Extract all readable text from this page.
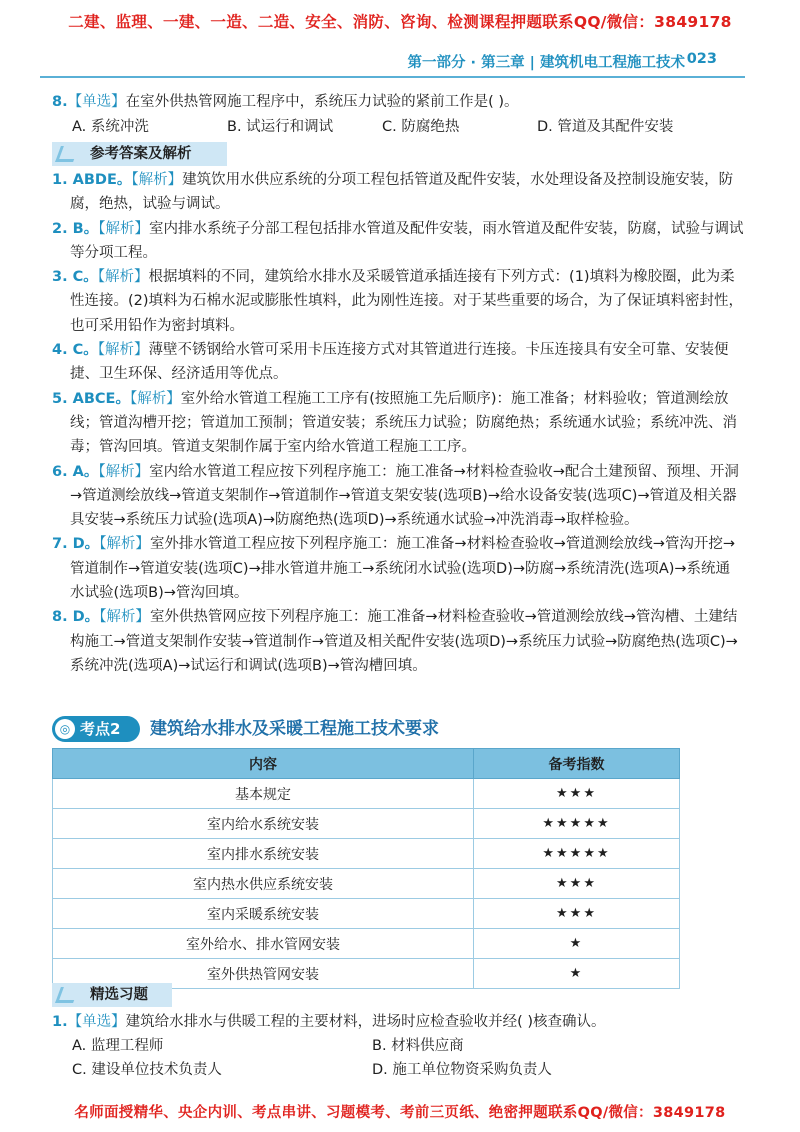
二建、监理、一建、一造、二造、安全、消防、咨询、检测课程押题联系QQ/微信：3849178
第一部分 · 第三章 | 建筑机电工程施工技术 023
8.【单选】在室外供热管网施工程序中，系统压力试验的紧前工作是( )。
A. 系统冲洗	B. 试运行和调试	C. 防腐绝热	D. 管道及其配件安装
参考答案及解析

1. ABDE。【解析】建筑饮用水供应系统的分项工程包括管道及配件安装，水处理设备及控制设施安装，防腐，绝热，试验与调试。

2. B。【解析】室内排水系统子分部工程包括排水管道及配件安装，雨水管道及配件安装，防腐，试验与调试等分项工程。

3. C。【解析】根据填料的不同，建筑给水排水及采暖管道承插连接有下列方式：(1)填料为橡胶圈，此为柔性连接。(2)填料为石棉水泥或膨胀性填料，此为刚性连接。对于某些重要的场合，为了保证填料密封性，也可采用铅作为密封填料。

4. C。【解析】薄壁不锈钢给水管可采用卡压连接方式对其管道进行连接。卡压连接具有安全可靠、安装便捷、卫生环保、经济适用等优点。

5. ABCE。【解析】室外给水管道工程施工工序有(按照施工先后顺序)：施工准备；材料验收；管道测绘放线；管道沟槽开挖；管道加工预制；管道安装；系统压力试验；防腐绝热；系统通水试验；系统冲洗、消毒；管沟回填。管道支架制作属于室内给水管道工程施工工序。

6. A。【解析】室内给水管道工程应按下列程序施工：施工准备→材料检查验收→配合土建预留、预埋、开洞→管道测绘放线→管道支架制作→管道制作→管道支架安装(选项B)→给水设备安装(选项C)→管道及相关器具安装→系统压力试验(选项A)→防腐绝热(选项D)→系统通水试验→冲洗消毒→取样检验。

7. D。【解析】室外排水管道工程应按下列程序施工：施工准备→材料检查验收→管道测绘放线→管沟开挖→管道制作→管道安装(选项C)→排水管道井施工→系统闭水试验(选项D)→防腐→系统清洗(选项A)→系统通水试验(选项B)→管沟回填。

8. D。【解析】室外供热管网应按下列程序施工：施工准备→材料检查验收→管道测绘放线→管沟槽、土建结构施工→管道支架制作安装→管道制作→管道及相关配件安装(选项D)→系统压力试验→防腐绝热(选项C)→系统冲洗(选项A)→试运行和调试(选项B)→管沟槽回填。

◎ 考点2 建筑给水排水及采暖工程施工技术要求
内容	备考指数
基本规定	★★★
室内给水系统安装	★★★★★
室内排水系统安装	★★★★★
室内热水供应系统安装	★★★
室内采暖系统安装	★★★
室外给水、排水管网安装	★
室外供热管网安装	★
精选习题
1.【单选】建筑给水排水与供暖工程的主要材料，进场时应检查验收并经( )核查确认。
A. 监理工程师	B. 材料供应商
C. 建设单位技术负责人	D. 施工单位物资采购负责人
名师面授精华、央企内训、考点串讲、习题模考、考前三页纸、绝密押题联系QQ/微信：3849178
